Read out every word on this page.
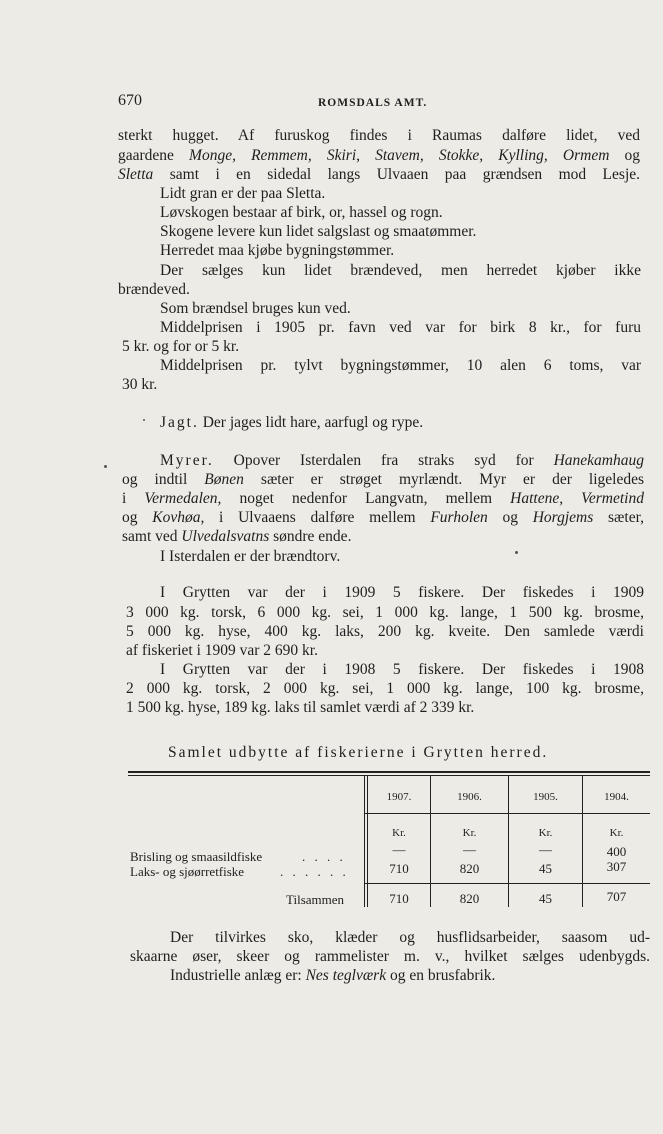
670	ROMSDALS AMT.
sterkt hugget. Af furuskog findes i Raumas dalføre lidet, ved
gaardene Monge, Remmem, Skiri, Stavem, Stokke, Kylling, Ormem og
Sletta samt i en sidedal langs Ulvaaen paa grændsen mod Lesje.
Lidt gran er der paa Sletta.
Løvskogen bestaar af birk, or, hassel og rogn.
Skogene levere kun lidet salgslast og smaatømmer.
Herredet maa kjøbe bygningstømmer.
Der sælges kun lidet brændeved, men herredet kjøber ikke
brændeved.
Som brændsel bruges kun ved.
Middelprisen i 1905 pr. favn ved var for birk 8 kr., for furu
5 kr. og for or 5 kr.
Middelprisen pr. tylvt bygningstømmer, 10 alen 6 toms, var
30 kr.
Jagt. Der jages lidt hare, aarfugl og rype.
Myrer. Opover Isterdalen fra straks syd for Hanekamhaug
og indtil Bønen sæter er strøget myrlændt. Myr er der ligeledes
i Vermedalen, noget nedenfor Langvatn, mellem Hattene, Vermetind
og Kovhøa, i Ulvaaens dalføre mellem Furholen og Horgjems sæter,
samt ved Ulvedalsvatns søndre ende.
I Isterdalen er der brændtorv.
I Grytten var der i 1909 5 fiskere. Der fiskedes i 1909
3 000 kg. torsk, 6 000 kg. sei, 1 000 kg. lange, 1 500 kg. brosme,
5 000 kg. hyse, 400 kg. laks, 200 kg. kveite. Den samlede værdi
af fiskeriet i 1909 var 2 690 kr.
I Grytten var der i 1908 5 fiskere. Der fiskedes i 1908
2 000 kg. torsk, 2 000 kg. sei, 1 000 kg. lange, 100 kg. brosme,
1 500 kg. hyse, 189 kg. laks til samlet værdi af 2 339 kr.
Samlet udbytte af fiskerierne i Grytten herred.
1907.	1906.	1905.	1904.
Kr.	Kr.	Kr.	Kr.
Brisling og smaasildfiske	. . . .	—	—	—	400
Laks- og sjøørretfiske	. . . . . .	710	820	45	307
Tilsammen	710	820	45	707
Der tilvirkes sko, klæder og husflidsarbeider, saasom ud-
skaarne øser, skeer og rammelister m. v., hvilket sælges udenbygds.
Industrielle anlæg er: Nes teglværk og en brusfabrik.
